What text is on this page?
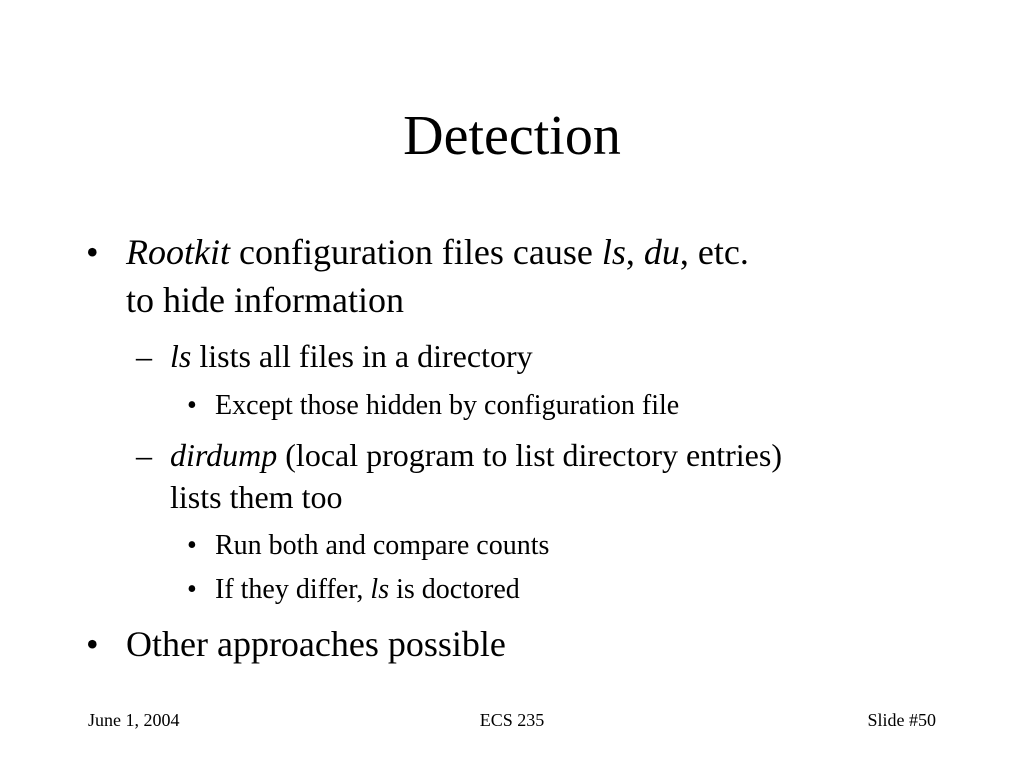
Detection
• Rootkit configuration files cause ls, du, etc.
to hide information
– ls lists all files in a directory
• Except those hidden by configuration file
– dirdump (local program to list directory entries)
lists them too
• Run both and compare counts
• If they differ, ls is doctored
• Other approaches possible
June 1, 2004	ECS 235	Slide #50
